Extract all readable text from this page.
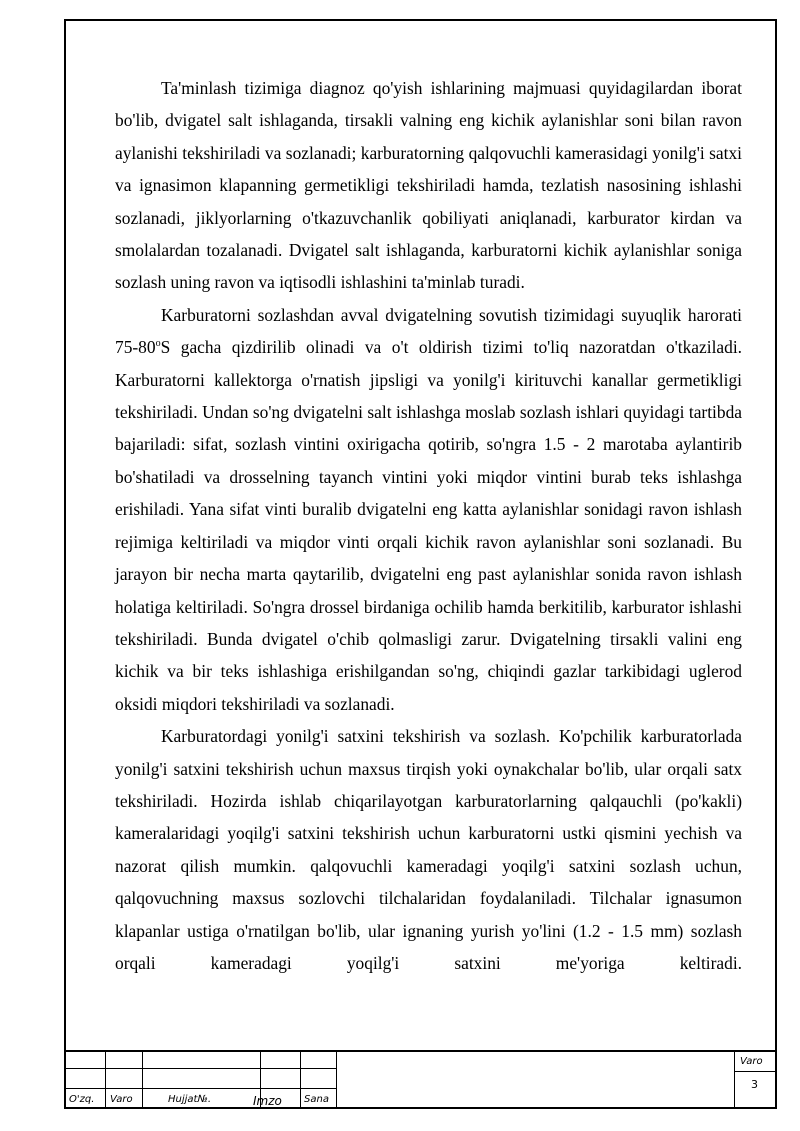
Ta'minlash tizimiga diagnoz qo'yish ishlarining majmuasi quyidagilardan iborat bo'lib, dvigatel salt ishlaganda, tirsakli valning eng kichik aylanishlar soni bilan ravon aylanishi tekshiriladi va sozlanadi; karburatorning qalqovuchli kamerasidagi yonilg'i satxi va ignasimon klapanning germetikligi tekshiriladi hamda, tezlatish nasosining ishlashi sozlanadi, jiklyorlarning o'tkazuvchanlik qobiliyati aniqlanadi, karburator kirdan va smolalardan tozalanadi. Dvigatel salt ishlaganda, karburatorni kichik aylanishlar soniga sozlash uning ravon va iqtisodli ishlashini ta'minlab turadi.

Karburatorni sozlashdan avval dvigatelning sovutish tizimidagi suyuqlik harorati 75-80$^o$S gacha qizdirilib olinadi va o't oldirish tizimi to'liq nazoratdan o'tkaziladi. Karburatorni kallektorga o'rnatish jipsligi va yonilg'i kirituvchi kanallar germetikligi tekshiriladi. Undan so'ng dvigatelni salt ishlashga moslab sozlash ishlari quyidagi tartibda bajariladi: sifat, sozlash vintini oxirigacha qotirib, so'ngra 1.5 - 2 marotaba aylantirib bo'shatiladi va drosselning tayanch vintini yoki miqdor vintini burab teks ishlashga erishiladi. Yana sifat vinti buralib dvigatelni eng katta aylanishlar sonidagi ravon ishlash rejimiga keltiriladi va miqdor vinti orqali kichik ravon aylanishlar soni sozlanadi. Bu jarayon bir necha marta qaytarilib, dvigatelni eng past aylanishlar sonida ravon ishlash holatiga keltiriladi. So'ngra drossel birdaniga ochilib hamda berkitilib, karburator ishlashi tekshiriladi. Bunda dvigatel o'chib qolmasligi zarur. Dvigatelning tirsakli valini eng kichik va bir teks ishlashiga erishilgandan so'ng, chiqindi gazlar tarkibidagi uglerod oksidi miqdori tekshiriladi va sozlanadi.

Karburatordagi yonilg'i satxini tekshirish va sozlash. Ko'pchilik karburatorlada yonilg'i satxini tekshirish uchun maxsus tirqish yoki oynakchalar bo'lib, ular orqali satx tekshiriladi. Hozirda ishlab chiqarilayotgan karburatorlarning qalqauchli (po'kakli) kameralaridagi yoqilg'i satxini tekshirish uchun karburatorni ustki qismini yechish va nazorat qilish mumkin. qalqovuchli kameradagi yoqilg'i satxini sozlash uchun, qalqovuchning maxsus sozlovchi tilchalaridan foydalaniladi. Tilchalar ignasumon klapanlar ustiga o'rnatilgan bo'lib, ular ignaning yurish yo'lini (1.2 - 1.5 mm) sozlash orqali kameradagi yoqilg'i satxini me'yoriga keltiradi.

O'zq. Varo	Hujjat№.	Imzo Sana
Varo
3
